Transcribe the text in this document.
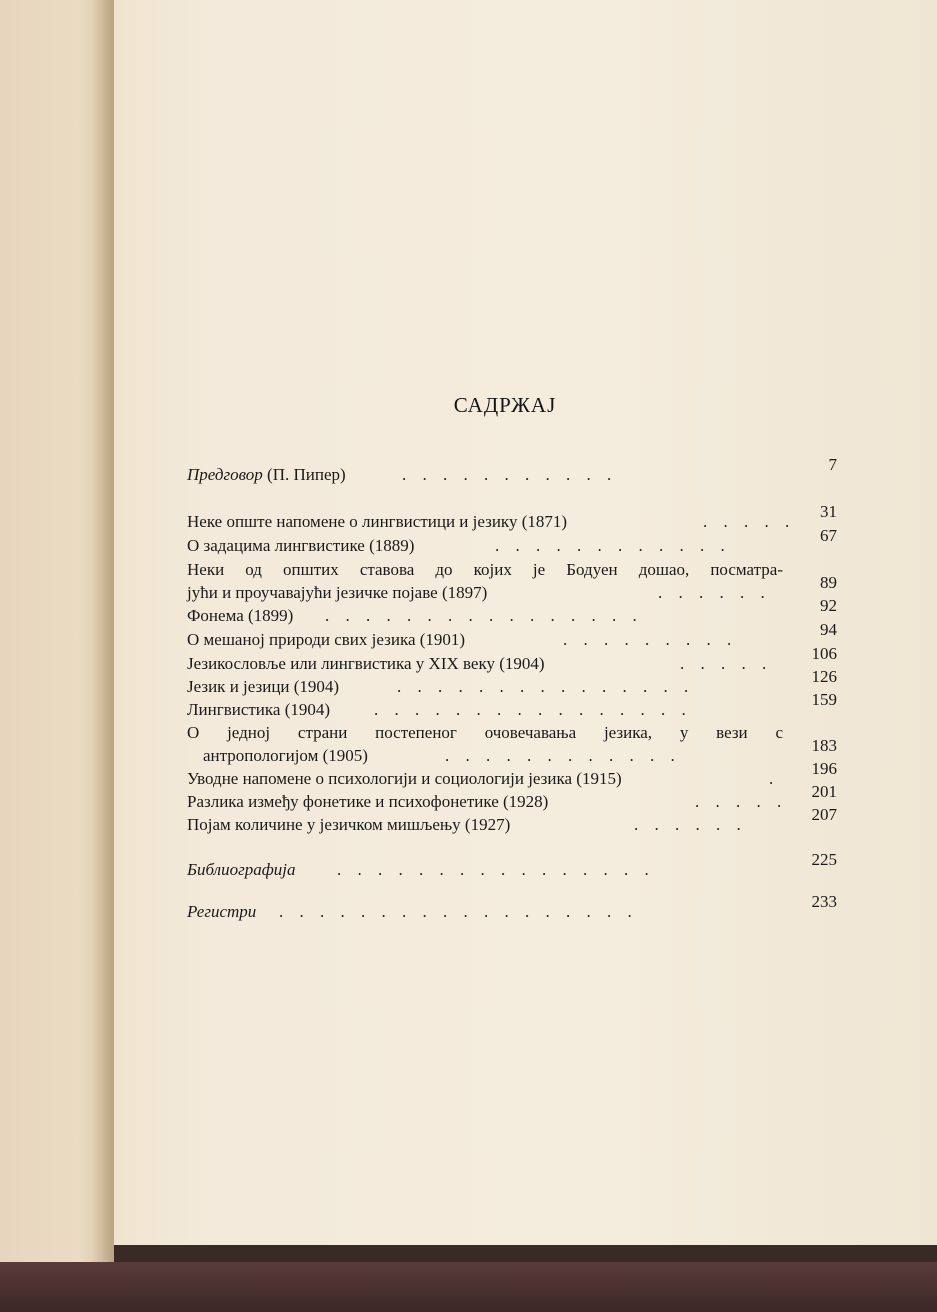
САДРЖАЈ
Предговор (П. Пипер)	. . . . . . . . . . .
7
Неке опште напомене о лингвистици и језику (1871)	. . . . .
31
О задацима лингвистике (1889)	. . . . . . . . . . . .
67
Неки од општих ставова до којих је Бодуен дошао, посматра-
јући и проучавајући језичке појаве (1897)	. . . . . .
89
Фонема (1899) . . . . . . . . . . . . . . . .
92
О мешаној природи свих језика (1901)	. . . . . . . . .
94
Језикословље или лингвистика у XIX веку (1904)	. . . . .
106
Језик и језици (1904)	. . . . . . . . . . . . . . .
126
Лингвистика (1904)	. . . . . . . . . . . . . . . .
159
О једној страни постепеног очовечавања језика, у вези с
антропологијом (1905)	. . . . . . . . . . . .
183
Уводне напомене о психологији и социологији језика (1915)	.
196
Разлика између фонетике и психофонетике (1928)	. . . . .
201
Појам количине у језичком мишљењу (1927)	. . . . . .
207
Библиографија . . . . . . . . . . . . . . . .
225
Регистри . . . . . . . . . . . . . . . . . .
233
